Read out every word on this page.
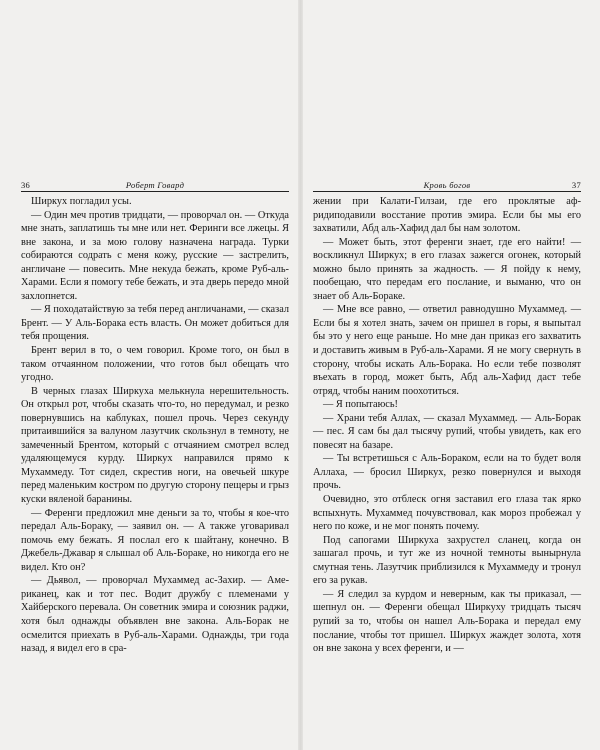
36	Роберт Говард

Ширкух погладил усы.

— Один меч против тридцати, — проворчал он. — Откуда мне знать, заплатишь ты мне или нет. Феринги все лжецы. Я вне закона, и за мою голову назначена награда. Турки собираются содрать с меня кожу, русские — застрелить, англичане — повесить. Мне некуда бежать, кроме Руб-аль-Харами. Если я помогу тебе бежать, и эта дверь передо мной захлопнется.

— Я походатайствую за тебя перед англичанами, — сказал Брент. — У Аль-Борака есть власть. Он может добиться для тебя прощения.

Брент верил в то, о чем говорил. Кроме того, он был в таком отчаянном положении, что готов был обещать что угодно.

В черных глазах Ширкуха мелькнула нерешительность. Он открыл рот, чтобы сказать что-то, но передумал, и резко повернувшись на каблуках, пошел прочь. Через секунду притаившийся за валуном лазутчик скользнул в темноту, не замеченный Брентом, который с отчаянием смотрел вслед удаляющемуся курду. Ширкух направился прямо к Мухаммеду. Тот сидел, скрестив ноги, на овечьей шкуре перед маленьким костром по другую сторону пещеры и грыз куски вяленой баранины.

— Ференги предложил мне деньги за то, чтобы я кое-что передал Аль-Бораку, — заявил он. — А также уговаривал помочь ему бежать. Я послал его к шайтану, конечно. В Джебель-Джавар я слышал об Аль-Бораке, но никогда его не видел. Кто он?

— Дьявол, — проворчал Мухаммед ас-Захир. — Американец, как и тот пес. Водит дружбу с племенами у Хайберского перевала. Он советник эмира и союзник раджи, хотя был однажды объявлен вне закона. Аль-Борак не осмелится приехать в Руб-аль-Харами. Однажды, три года назад, я видел его в сра-

Кровь богов	37

жении при Калати-Гилзаи, где его проклятые афридиподавили восстание против эмира. Если бы мы его захватили, Абд аль-Хафид дал бы нам золотом.

— Может быть, этот ференги знает, где его найти! — воскликнул Ширкух; в его глазах зажегся огонек, который можно было принять за жадность. — Я пойду к нему, пообещаю, что передам его послание, и выманю, что он знает об Аль-Бораке.

— Мне все равно, — ответил равнодушно Мухаммед. — Если бы я хотел знать, зачем он пришел в горы, я выпытал бы это у него еще раньше. Но мне дан приказ его захватить и доставить живым в Руб-аль-Харами. Я не могу свернуть в сторону, чтобы искать Аль-Борака. Но если тебе позволят въехать в город, может быть, Абд аль-Хафид даст тебе отряд, чтобы наним поохотиться.

— Я попытаюсь!

— Храни тебя Аллах, — сказал Мухаммед. — Аль-Борак — пес. Я сам бы дал тысячу рупий, чтобы увидеть, как его повесят на базаре.

— Ты встретишься с Аль-Бораком, если на то будет воля Аллаха, — бросил Ширкух, резко повернулся и выходя прочь.

Очевидно, это отблеск огня заставил его глаза так ярко вспыхнуть. Мухаммед почувствовал, как мороз пробежал у него по коже, и не мог понять почему.

Под сапогами Ширкуха захрустел сланец, когда он зашагал прочь, и тут же из ночной темноты вынырнула смутная тень. Лазутчик приблизился к Мухаммеду и тронул его за рукав.

— Я следил за курдом и неверным, как ты приказал, — шепнул он. — Ференги обещал Ширкуху тридцать тысяч рупий за то, чтобы он нашел Аль-Борака и передал ему послание, чтобы тот пришел. Ширкух жаждет золота, хотя он вне закона у всех ференги, и —
